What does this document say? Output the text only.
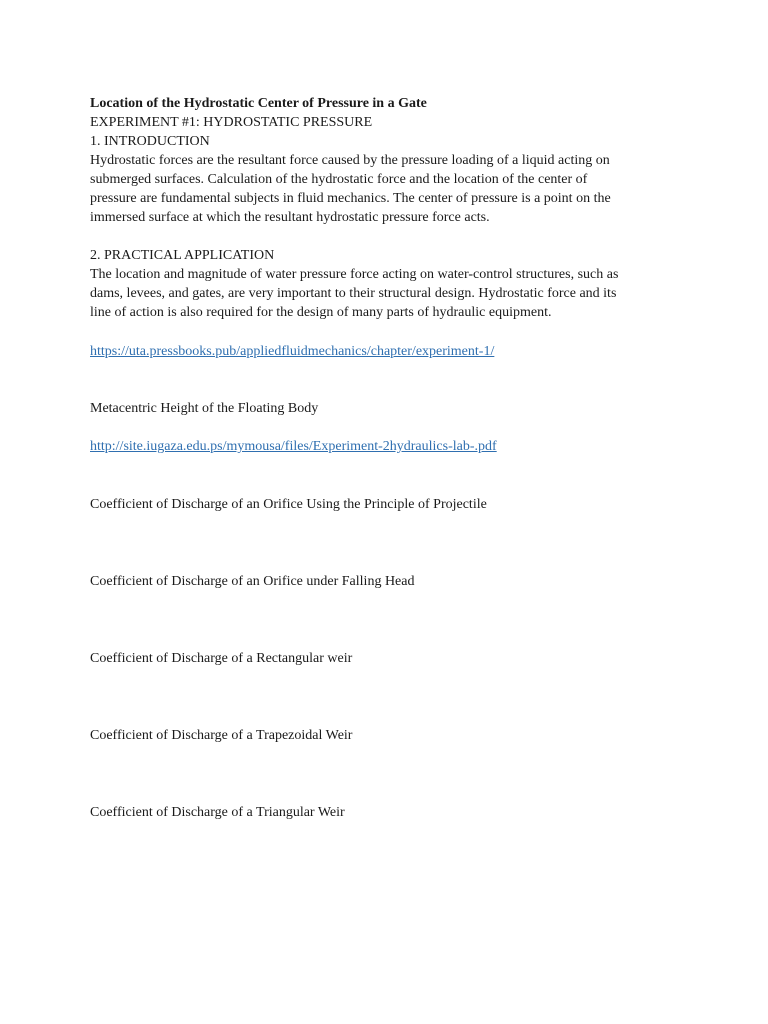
Location of the Hydrostatic Center of Pressure in a Gate

EXPERIMENT #1: HYDROSTATIC PRESSURE

1. INTRODUCTION

Hydrostatic forces are the resultant force caused by the pressure loading of a liquid acting on

submerged surfaces. Calculation of the hydrostatic force and the location of the center of

pressure are fundamental subjects in fluid mechanics. The center of pressure is a point on the

immersed surface at which the resultant hydrostatic pressure force acts.

2. PRACTICAL APPLICATION

The location and magnitude of water pressure force acting on water-control structures, such as

dams, levees, and gates, are very important to their structural design. Hydrostatic force and its

line of action is also required for the design of many parts of hydraulic equipment.

https://uta.pressbooks.pub/appliedfluidmechanics/chapter/experiment-1/

Metacentric Height of the Floating Body

http://site.iugaza.edu.ps/mymousa/files/Experiment-2hydraulics-lab-.pdf

Coefficient of Discharge of an Orifice Using the Principle of Projectile

Coefficient of Discharge of an Orifice under Falling Head

Coefficient of Discharge of a Rectangular weir

Coefficient of Discharge of a Trapezoidal Weir

Coefficient of Discharge of a Triangular Weir
